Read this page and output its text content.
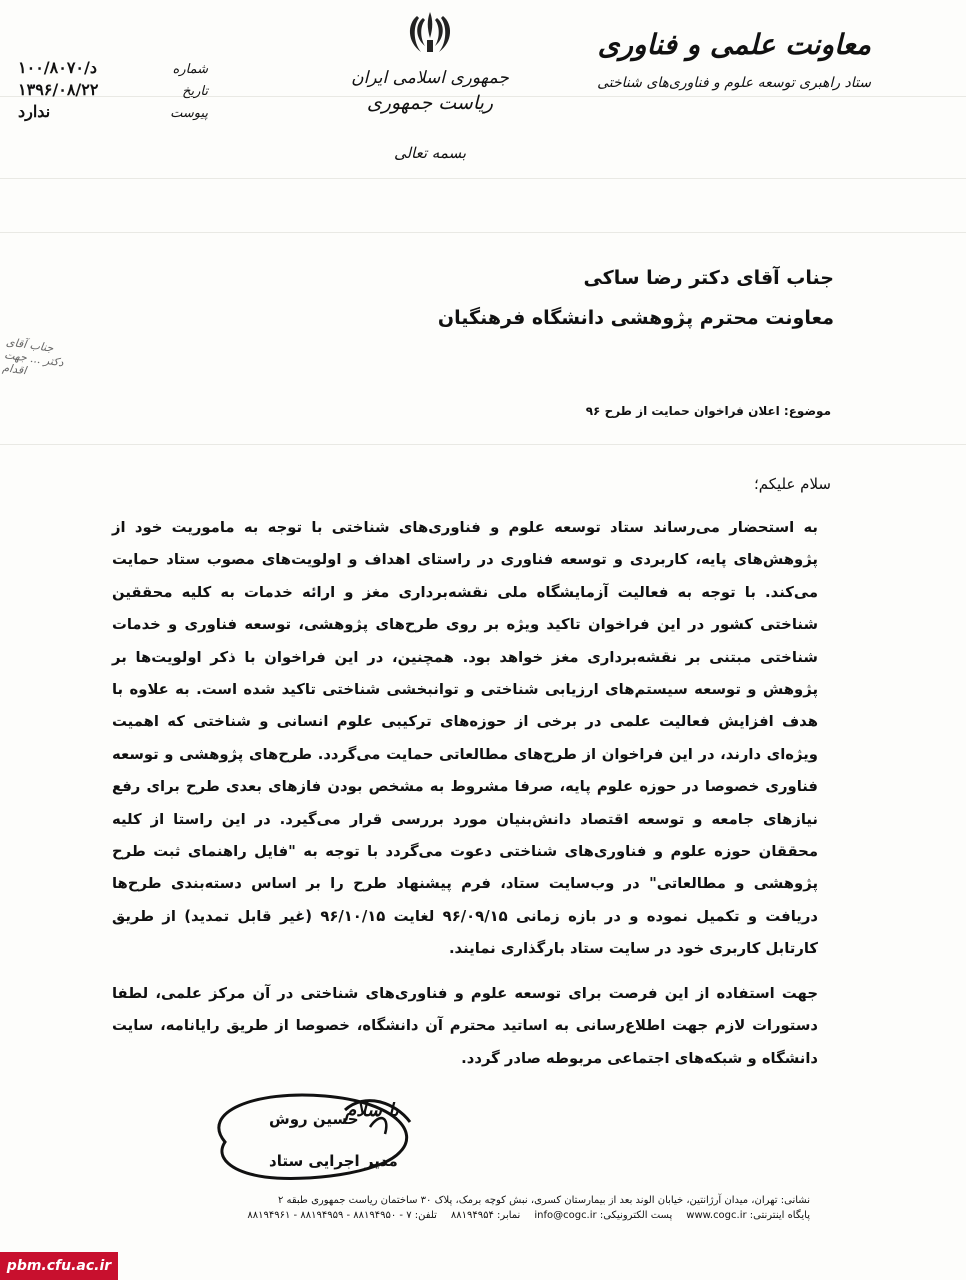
معاونت علمی و فناوری
ستاد راهبری توسعه علوم و فناوری‌های شناختی
جمهوری اسلامی ایران
ریاست جمهوری
بسمه تعالی
شماره
د/۱۰۰/۸۰۷۰
تاریخ
۱۳۹۶/۰۸/۲۲
پیوست
ندارد
جناب آقای دکتر ... جهت اقدام
جناب آقای دکتر رضا ساکی
معاونت محترم پژوهشی دانشگاه فرهنگیان
موضوع: اعلان فراخوان حمایت از طرح ۹۶
سلام علیکم؛

به استحضار می‌رساند ستاد توسعه علوم و فناوری‌های شناختی با توجه به ماموریت خود از پژوهش‌های پایه، کاربردی و توسعه فناوری در راستای اهداف و اولویت‌های مصوب ستاد حمایت می‌کند. با توجه به فعالیت آزمایشگاه ملی نقشه‌برداری مغز و ارائه خدمات به کلیه محققین شناختی کشور در این فراخوان تاکید ویژه بر روی طرح‌های پژوهشی، توسعه فناوری و خدمات شناختی مبتنی بر نقشه‌برداری مغز خواهد بود. همچنین، در این فراخوان با ذکر اولویت‌ها بر پژوهش و توسعه سیستم‌های ارزیابی شناختی و توانبخشی شناختی تاکید شده است. به علاوه با هدف افزایش فعالیت علمی در برخی از حوزه‌های ترکیبی علوم انسانی و شناختی که اهمیت ویژه‌ای دارند، در این فراخوان از طرح‌های مطالعاتی حمایت می‌گردد. طرح‌های پژوهشی و توسعه فناوری خصوصا در حوزه علوم پایه، صرفا مشروط به مشخص بودن فازهای بعدی طرح برای رفع نیازهای جامعه و توسعه اقتصاد دانش‌بنیان مورد بررسی قرار می‌گیرد. در این راستا از کلیه محققان حوزه علوم و فناوری‌های شناختی دعوت می‌گردد با توجه به "فایل راهنمای ثبت طرح پژوهشی و مطالعاتی" در وب‌سایت ستاد، فرم پیشنهاد طرح را بر اساس دسته‌بندی طرح‌ها دریافت و تکمیل نموده و در بازه زمانی ۹۶/۰۹/۱۵ لغایت ۹۶/۱۰/۱۵ (غیر قابل تمدید) از طریق کارتابل کاربری خود در سایت ستاد بارگذاری نمایند.

جهت استفاده از این فرصت برای توسعه علوم و فناوری‌های شناختی در آن مرکز علمی، لطفا دستورات لازم جهت اطلاع‌رسانی به اساتید محترم آن دانشگاه، خصوصا از طریق رایانامه، سایت دانشگاه و شبکه‌های اجتماعی مربوطه صادر گردد.

با سلام
حسین روش
مدیر اجرایی ستاد
نشانی: تهران، میدان آرژانتین، خیابان الوند بعد از بیمارستان کسری، نبش کوچه برمک، پلاک ۳۰ ساختمان ریاست جمهوری طبقه ۲
پایگاه اینترنتی: www.cogc.ir
پست الکترونیکی: info@cogc.ir
نمابر: ۸۸۱۹۴۹۵۴
تلفن: ۷ - ۸۸۱۹۴۹۵۰ - ۸۸۱۹۴۹۵۹ - ۸۸۱۹۴۹۶۱
pbm.cfu.ac.ir
